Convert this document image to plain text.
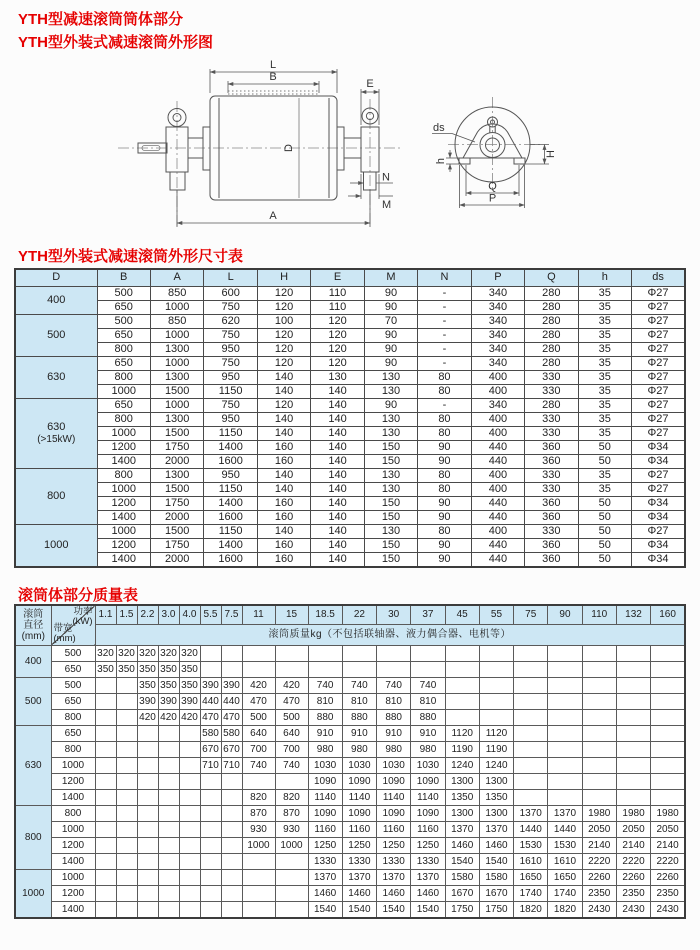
YTH型减速滚筒筒体部分
YTH型外装式减速滚筒外形图
D
L
B
E
N
M
A
ds
h
H
Q
P
YTH型外装式减速滚筒外形尺寸表
D	B	A	L	H	E	M	N	P	Q	h	ds
400	500	850	600	120	110	90	-	340	280	35	Φ27
	650	1000	750	120	110	90	-	340	280	35	Φ27
500	500	850	620	100	120	70	-	340	280	35	Φ27
	650	1000	750	120	120	90	-	340	280	35	Φ27
	800	1300	950	120	120	90	-	340	280	35	Φ27
630	650	1000	750	120	120	90	-	340	280	35	Φ27
	800	1300	950	140	130	130	80	400	330	35	Φ27
	1000	1500	1150	140	140	130	80	400	330	35	Φ27
630
(>15kW)	650	1000	750	120	140	90	-	340	280	35	Φ27
	800	1300	950	140	140	130	80	400	330	35	Φ27
	1000	1500	1150	140	140	130	80	400	330	35	Φ27
	1200	1750	1400	160	140	150	90	440	360	50	Φ34
	1400	2000	1600	160	140	150	90	440	360	50	Φ34
800	800	1300	950	140	140	130	80	400	330	35	Φ27
	1000	1500	1150	140	140	130	80	400	330	35	Φ27
	1200	1750	1400	160	140	150	90	440	360	50	Φ34
	1400	2000	1600	160	140	150	90	440	360	50	Φ34
1000	1000	1500	1150	140	140	130	80	400	330	50	Φ27
	1200	1750	1400	160	140	150	90	440	360	50	Φ34
	1400	2000	1600	160	140	150	90	440	360	50	Φ34
滚筒体部分质量表
滚筒
直径
(mm)

功率
(kW)
带宽
(mm)
	1.1	1.5	2.2	3.0	4.0	5.5	7.5	11	15	18.5	22	30	37	45	55	75	90	110	132	160
		滚筒质量kg（不包括联轴器、液力偶合器、电机等）																			
400	500	320	320	320	320	320															
	650	350	350	350	350	350															
500	500			350	350	350	390	390	420	420	740	740	740	740							
	650			390	390	390	440	440	470	470	810	810	810	810							
	800			420	420	420	470	470	500	500	880	880	880	880							
630	650						580	580	640	640	910	910	910	910	1120	1120					
	800						670	670	700	700	980	980	980	980	1190	1190					
	1000						710	710	740	740	1030	1030	1030	1030	1240	1240					
	1200										1090	1090	1090	1090	1300	1300					
	1400								820	820	1140	1140	1140	1140	1350	1350					
800	800								870	870	1090	1090	1090	1090	1300	1300	1370	1370	1980	1980	1980
	1000								930	930	1160	1160	1160	1160	1370	1370	1440	1440	2050	2050	2050
	1200								1000	1000	1250	1250	1250	1250	1460	1460	1530	1530	2140	2140	2140
	1400										1330	1330	1330	1330	1540	1540	1610	1610	2220	2220	2220
1000	1000										1370	1370	1370	1370	1580	1580	1650	1650	2260	2260	2260
	1200										1460	1460	1460	1460	1670	1670	1740	1740	2350	2350	2350
	1400										1540	1540	1540	1540	1750	1750	1820	1820	2430	2430	2430
